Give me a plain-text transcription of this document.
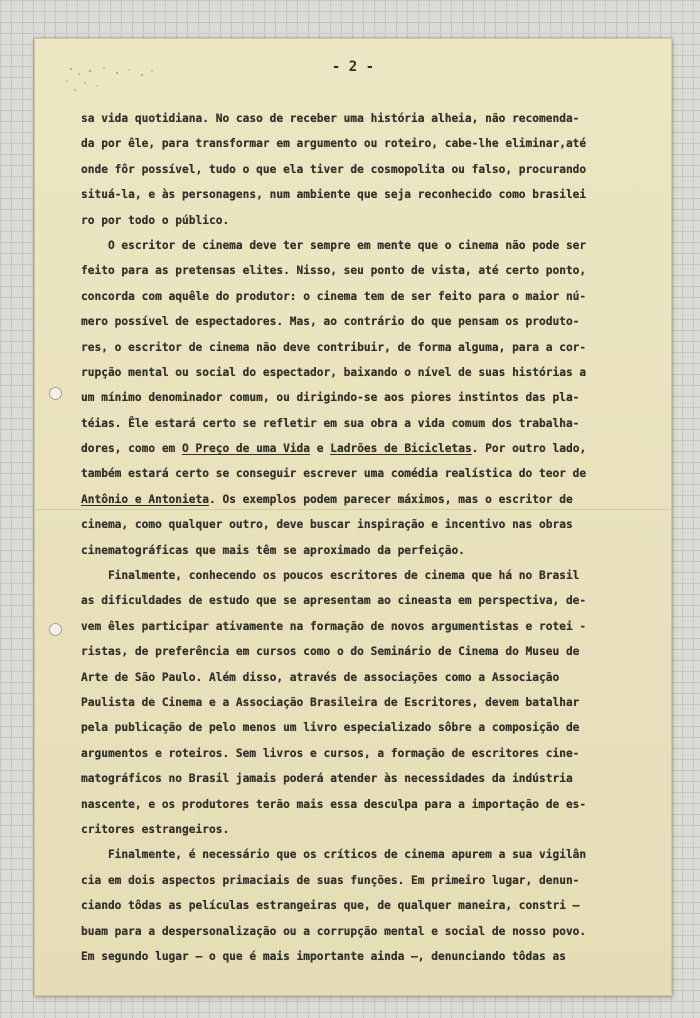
- 2 -
sa vida quotidiana. No caso de receber uma história alheia, não recomenda-
da por êle, para transformar em argumento ou roteiro, cabe-lhe eliminar,até
onde fôr possível, tudo o que ela tiver de cosmopolita ou falso, procurando
situá-la, e às personagens, num ambiente que seja reconhecido como brasilei
ro por todo o público.
O escritor de cinema deve ter sempre em mente que o cinema não pode ser
feito para as pretensas elites. Nisso, seu ponto de vista, até certo ponto,
concorda com aquêle do produtor: o cinema tem de ser feito para o maior nú-
mero possível de espectadores. Mas, ao contrário do que pensam os produto-
res, o escritor de cinema não deve contribuir, de forma alguma, para a cor-
rupção mental ou social do espectador, baixando o nível de suas histórias a
um mínimo denominador comum, ou dirigindo-se aos piores instintos das pla-
téias. Êle estará certo se refletir em sua obra a vida comum dos trabalha-
dores, como em O Preço de uma Vida e Ladrões de Bicicletas. Por outro lado,
também estará certo se conseguir escrever uma comédia realística do teor de
Antônio e Antonieta. Os exemplos podem parecer máximos, mas o escritor de
cinema, como qualquer outro, deve buscar inspiração e incentivo nas obras
cinematográficas que mais têm se aproximado da perfeição.
Finalmente, conhecendo os poucos escritores de cinema que há no Brasil
as dificuldades de estudo que se apresentam ao cineasta em perspectiva, de-
vem êles participar ativamente na formação de novos argumentistas e rotei -
ristas, de preferência em cursos como o do Seminário de Cinema do Museu de
Arte de São Paulo. Além disso, através de associações como a Associação
Paulista de Cinema e a Associação Brasileira de Escritores, devem batalhar
pela publicação de pelo menos um livro especializado sôbre a composição de
argumentos e roteiros. Sem livros e cursos, a formação de escritores cine-
matográficos no Brasil jamais poderá atender às necessidades da indústria
nascente, e os produtores terão mais essa desculpa para a importação de es-
critores estrangeiros.
Finalmente, é necessário que os críticos de cinema apurem a sua vigilân
cia em dois aspectos primaciais de suas funções. Em primeiro lugar, denun-
ciando tôdas as películas estrangeiras que, de qualquer maneira, constri —
buam para a despersonalização ou a corrupção mental e social de nosso povo.
Em segundo lugar — o que é mais importante ainda —, denunciando tôdas as
